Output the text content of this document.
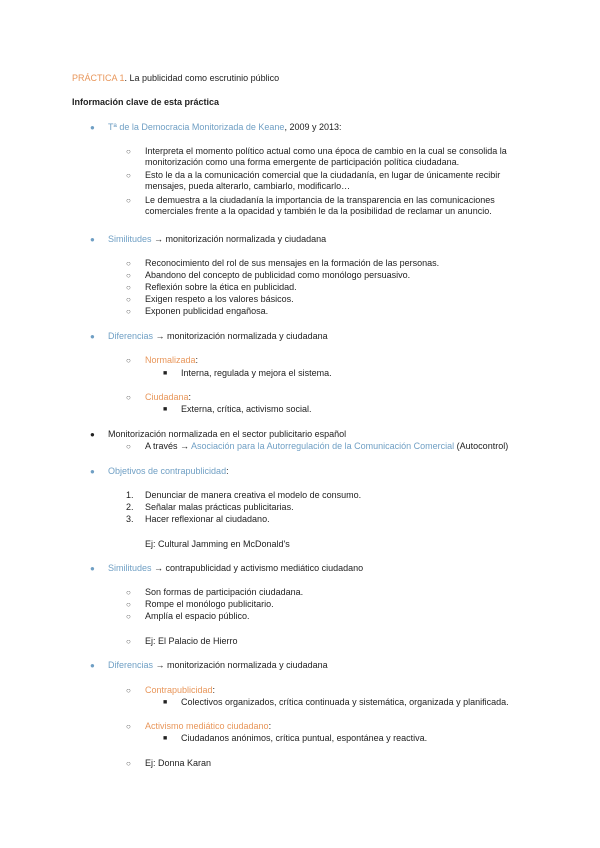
PRÁCTICA 1. La publicidad como escrutinio público
Información clave de esta práctica
● Tª de la Democracia Monitorizada de Keane, 2009 y 2013:
○ Interpreta el momento político actual como una época de cambio en la cual se consolida la
monitorización como una forma emergente de participación política ciudadana.
○ Esto le da a la comunicación comercial que la ciudadanía, en lugar de únicamente recibir
mensajes, pueda alterarlo, cambiarlo, modificarlo…
○ Le demuestra a la ciudadanía la importancia de la transparencia en las comunicaciones
comerciales frente a la opacidad y también le da la posibilidad de reclamar un anuncio.
● Similitudes → monitorización normalizada y ciudadana
○ Reconocimiento del rol de sus mensajes en la formación de las personas.
○ Abandono del concepto de publicidad como monólogo persuasivo.
○ Reflexión sobre la ética en publicidad.
○ Exigen respeto a los valores básicos.
○ Exponen publicidad engañosa.
● Diferencias → monitorización normalizada y ciudadana
○ Normalizada:
■ Interna, regulada y mejora el sistema.
○ Ciudadana:
■ Externa, crítica, activismo social.
● Monitorización normalizada en el sector publicitario español
○ A través → Asociación para la Autorregulación de la Comunicación Comercial (Autocontrol)
● Objetivos de contrapublicidad:
1. Denunciar de manera creativa el modelo de consumo.
2. Señalar malas prácticas publicitarias.
3. Hacer reflexionar al ciudadano.
Ej: Cultural Jamming en McDonald's
● Similitudes → contrapublicidad y activismo mediático ciudadano
○ Son formas de participación ciudadana.
○ Rompe el monólogo publicitario.
○ Amplía el espacio público.
○ Ej: El Palacio de Hierro
● Diferencias → monitorización normalizada y ciudadana
○ Contrapublicidad:
■ Colectivos organizados, crítica continuada y sistemática, organizada y planificada.
○ Activismo mediático ciudadano:
■ Ciudadanos anónimos, crítica puntual, espontánea y reactiva.
○ Ej: Donna Karan
